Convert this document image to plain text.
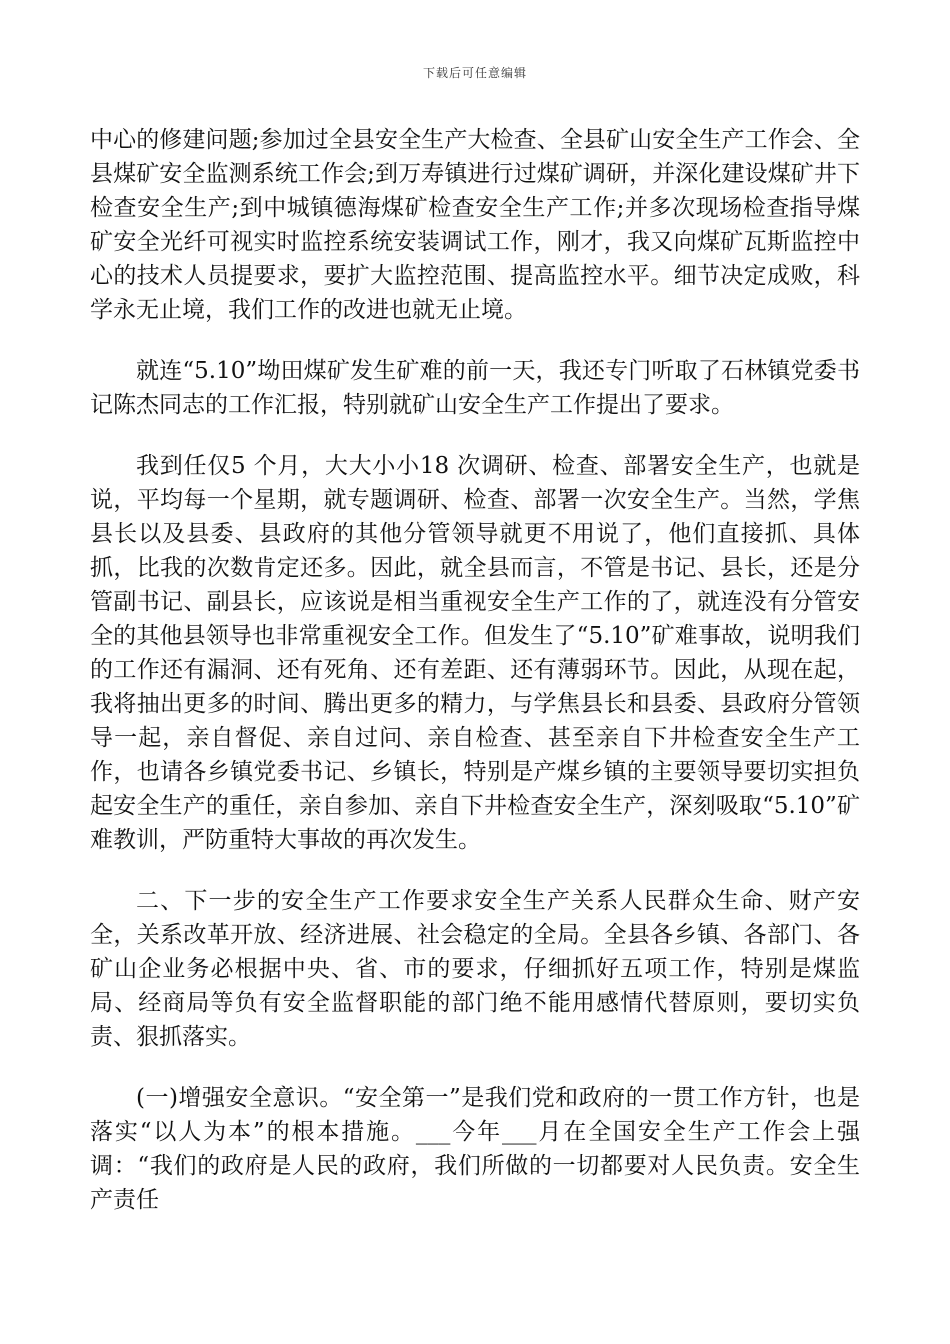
下载后可任意编辑

中心的修建问题;参加过全县安全生产大检查、全县矿山安全生产工作会、全县煤矿安全监测系统工作会;到万寿镇进行过煤矿调研，并深化建设煤矿井下检查安全生产;到中城镇德海煤矿检查安全生产工作;并多次现场检查指导煤矿安全光纤可视实时监控系统安装调试工作，刚才，我又向煤矿瓦斯监控中心的技术人员提要求，要扩大监控范围、提高监控水平。细节决定成败，科学永无止境，我们工作的改进也就无止境。

就连“5.10”坳田煤矿发生矿难的前一天，我还专门听取了石林镇党委书记陈杰同志的工作汇报，特别就矿山安全生产工作提出了要求。

我到任仅5 个月，大大小小18 次调研、检查、部署安全生产，也就是说，平均每一个星期，就专题调研、检查、部署一次安全生产。当然，学焦县长以及县委、县政府的其他分管领导就更不用说了，他们直接抓、具体抓，比我的次数肯定还多。因此，就全县而言，不管是书记、县长，还是分管副书记、副县长，应该说是相当重视安全生产工作的了，就连没有分管安全的其他县领导也非常重视安全工作。但发生了“5.10”矿难事故，说明我们的工作还有漏洞、还有死角、还有差距、还有薄弱环节。因此，从现在起，我将抽出更多的时间、腾出更多的精力，与学焦县长和县委、县政府分管领导一起，亲自督促、亲自过问、亲自检查、甚至亲自下井检查安全生产工作，也请各乡镇党委书记、乡镇长，特别是产煤乡镇的主要领导要切实担负起安全生产的重任，亲自参加、亲自下井检查安全生产，深刻吸取“5.10”矿难教训，严防重特大事故的再次发生。

二、下一步的安全生产工作要求安全生产关系人民群众生命、财产安全，关系改革开放、经济进展、社会稳定的全局。全县各乡镇、各部门、各矿山企业务必根据中央、省、市的要求，仔细抓好五项工作，特别是煤监局、经商局等负有安全监督职能的部门绝不能用感情代替原则，要切实负责、狠抓落实。

(一)增强安全意识。“安全第一”是我们党和政府的一贯工作方针，也是落实“以人为本”的根本措施。___今年___月在全国安全生产工作会上强调：“我们的政府是人民的政府，我们所做的一切都要对人民负责。安全生产责任
